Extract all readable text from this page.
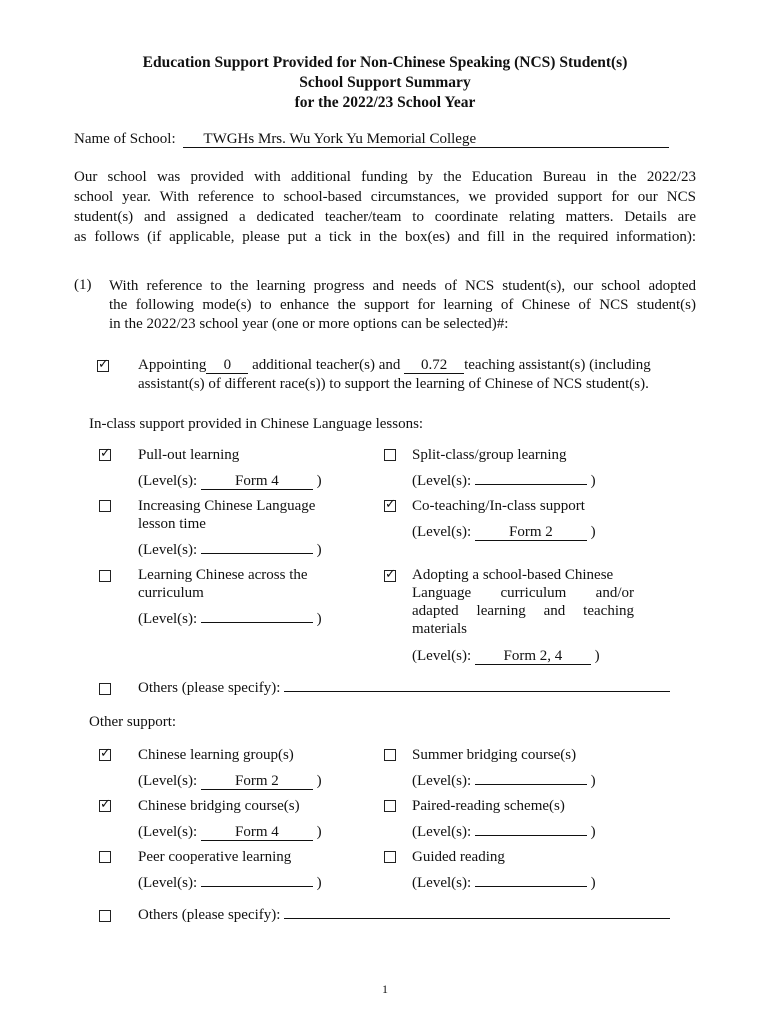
Education Support Provided for Non-Chinese Speaking (NCS) Student(s)
School Support Summary
for the 2022/23 School Year
Name of School: TWGHs Mrs. Wu York Yu Memorial College
Our school was provided with additional funding by the Education Bureau in the 2022/23
school year. With reference to school-based circumstances, we provided support for our NCS
student(s) and assigned a dedicated teacher/team to coordinate relating matters. Details are
as follows (if applicable, please put a tick in the box(es) and fill in the required information):
(1) With reference to the learning progress and needs of NCS student(s), our school adopted
the following mode(s) to enhance the support for learning of Chinese of NCS student(s)
in the 2022/23 school year (one or more options can be selected)#:
✓
Appointing 0 additional teacher(s) and 0.72 teaching assistant(s) (including
assistant(s) of different race(s)) to support the learning of Chinese of NCS student(s).
In-class support provided in Chinese Language lessons:
✓
Pull-out learning
(Level(s):	Form 4	)
Split-class/group learning
(Level(s):	)
Increasing Chinese Language
lesson time
(Level(s):	)
✓
Co-teaching/In-class support
(Level(s):	Form 2	)
Learning Chinese across the
curriculum
(Level(s):	)
✓
Adopting a school-based Chinese
Language curriculum and/or
adapted learning and teaching
materials
(Level(s): Form 2, 4 )
Others (please specify):
Other support:
✓
Chinese learning group(s)
(Level(s):	Form 2	)
Summer bridging course(s)
(Level(s):	)
✓
Chinese bridging course(s)
(Level(s):	Form 4	)
Paired-reading scheme(s)
(Level(s):	)
Peer cooperative learning
(Level(s):	)
Guided reading
(Level(s):	)
Others (please specify):
1
